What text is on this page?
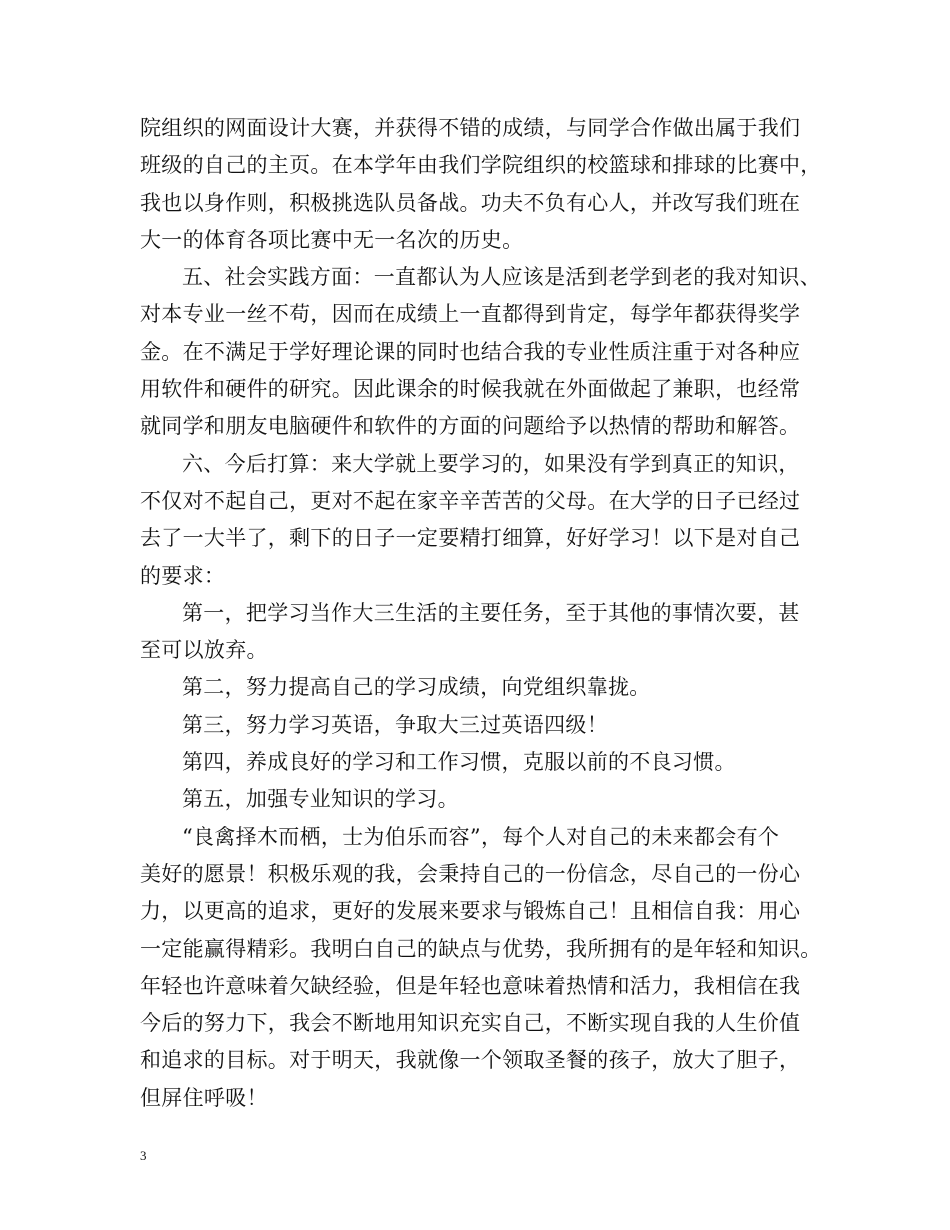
院组织的网面设计大赛，并获得不错的成绩，与同学合作做出属于我们
班级的自己的主页。在本学年由我们学院组织的校篮球和排球的比赛中，
我也以身作则，积极挑选队员备战。功夫不负有心人，并改写我们班在
大一的体育各项比赛中无一名次的历史。
五、社会实践方面：一直都认为人应该是活到老学到老的我对知识、
对本专业一丝不苟，因而在成绩上一直都得到肯定，每学年都获得奖学
金。在不满足于学好理论课的同时也结合我的专业性质注重于对各种应
用软件和硬件的研究。因此课余的时候我就在外面做起了兼职，也经常
就同学和朋友电脑硬件和软件的方面的问题给予以热情的帮助和解答。
六、今后打算：来大学就上要学习的，如果没有学到真正的知识，
不仅对不起自己，更对不起在家辛辛苦苦的父母。在大学的日子已经过
去了一大半了，剩下的日子一定要精打细算，好好学习！以下是对自己
的要求：
第一，把学习当作大三生活的主要任务，至于其他的事情次要，甚
至可以放弃。
第二，努力提高自己的学习成绩，向党组织靠拢。
第三，努力学习英语，争取大三过英语四级！
第四，养成良好的学习和工作习惯，克服以前的不良习惯。
第五，加强专业知识的学习。
“良禽择木而栖，士为伯乐而容”，每个人对自己的未来都会有个
美好的愿景！积极乐观的我，会秉持自己的一份信念，尽自己的一份心
力，以更高的追求，更好的发展来要求与锻炼自己！且相信自我：用心
一定能赢得精彩。我明白自己的缺点与优势，我所拥有的是年轻和知识。
年轻也许意味着欠缺经验，但是年轻也意味着热情和活力，我相信在我
今后的努力下，我会不断地用知识充实自己，不断实现自我的人生价值
和追求的目标。对于明天，我就像一个领取圣餐的孩子，放大了胆子，
但屏住呼吸！
3
